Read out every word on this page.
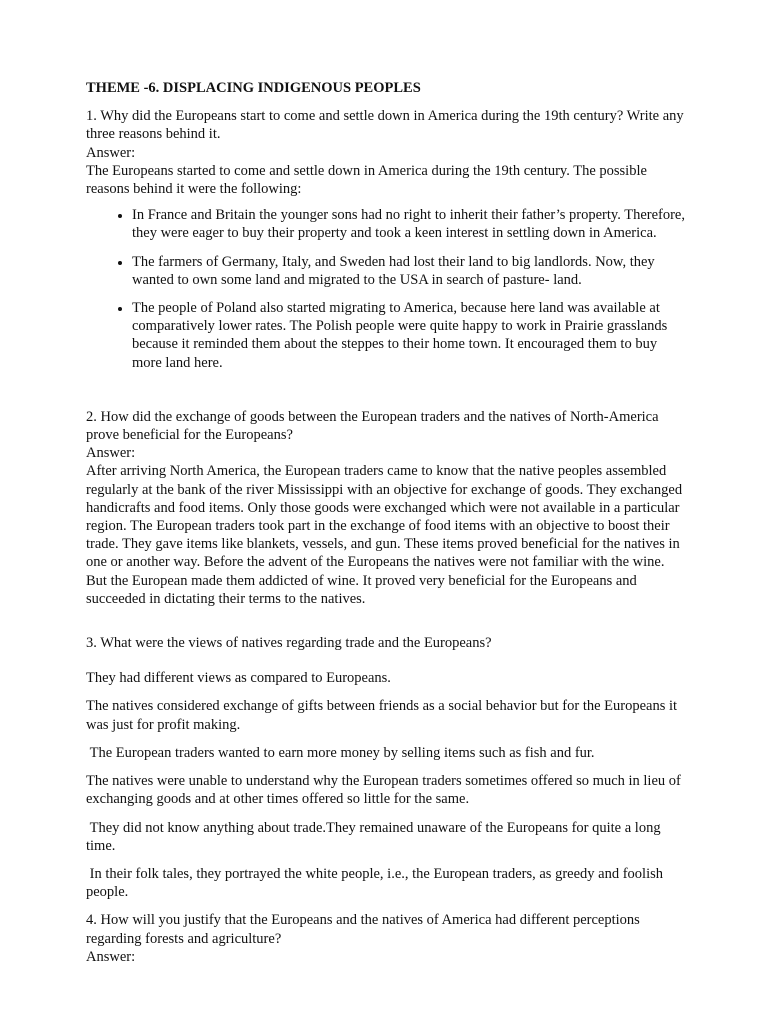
THEME -6. DISPLACING INDIGENOUS PEOPLES

1. Why did the Europeans start to come and settle down in America during the 19th century? Write any three reasons behind it.

Answer:

The Europeans started to come and settle down in America during the 19th century. The possible reasons behind it were the following:

• In France and Britain the younger sons had no right to inherit their father’s property. Therefore, they were eager to buy their property and took a keen interest in settling down in America.
• The farmers of Germany, Italy, and Sweden had lost their land to big landlords. Now, they wanted to own some land and migrated to the USA in search of pasture- land.
• The people of Poland also started migrating to America, because here land was available at comparatively lower rates. The Polish people were quite happy to work in Prairie grasslands because it reminded them about the steppes to their home town. It encouraged them to buy more land here.

2. How did the exchange of goods between the European traders and the natives of North-America prove beneficial for the Europeans?

Answer:

After arriving North America, the European traders came to know that the native peoples assembled regularly at the bank of the river Mississippi with an objective for exchange of goods. They exchanged handicrafts and food items. Only those goods were exchanged which were not available in a particular region. The European traders took part in the exchange of food items with an objective to boost their trade. They gave items like blankets, vessels, and gun. These items proved beneficial for the natives in one or another way. Before the advent of the Europeans the natives were not familiar with the wine. But the European made them addicted of wine. It proved very beneficial for the Europeans and succeeded in dictating their terms to the natives.

3. What were the views of natives regarding trade and the Europeans?

They had different views as compared to Europeans.

The natives considered exchange of gifts between friends as a social behavior but for the Europeans it was just for profit making.

The European traders wanted to earn more money by selling items such as fish and fur.

The natives were unable to understand why the European traders sometimes offered so much in lieu of exchanging goods and at other times offered so little for the same.

They did not know anything about trade.They remained unaware of the Europeans for quite a long time.

In their folk tales, they portrayed the white people, i.e., the European traders, as greedy and foolish people.

4. How will you justify that the Europeans and the natives of America had different perceptions regarding forests and agriculture?

Answer:
